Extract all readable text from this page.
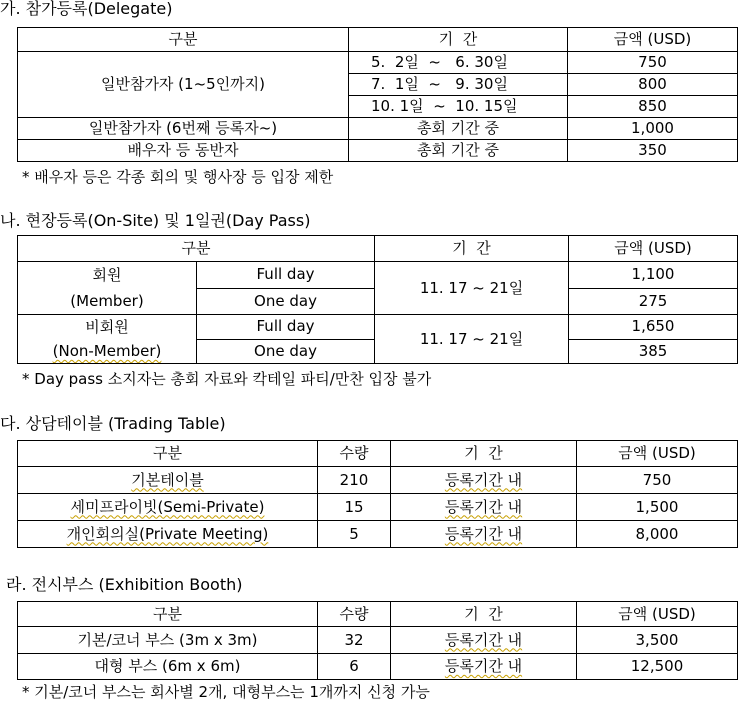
가. 참가등록(Delegate)
구분	기  간	금액 (USD)
일반참가자 (1~5인까지)	5.  2일  ~   6. 30일	750
	7.  1일  ~   9. 30일	800
	10. 1일  ~  10. 15일	850
일반참가자 (6번째 등록자~)	총회 기간 중	1,000
배우자 등 동반자	총회 기간 중	350
* 배우자 등은 각종 회의 및 행사장 등 입장 제한
나. 현장등록(On-Site) 및 1일권(Day Pass)
구분		기  간	금액 (USD)

회원
(Member)	Full day	11. 17 ~ 21일	1,100
	One day		275

비회원
(Non-Member)	Full day	11. 17 ~ 21일	1,650
	One day		385
* Day pass 소지자는 총회 자료와 칵테일 파티/만찬 입장 불가
다. 상담테이블 (Trading Table)
구분	수량	기  간	금액 (USD)
기본테이블	210	등록기간 내	750
세미프라이빗(Semi-Private)	15	등록기간 내	1,500
개인회의실(Private Meeting)	5	등록기간 내	8,000
라. 전시부스 (Exhibition Booth)
구분	수량	기  간	금액 (USD)
기본/코너 부스 (3m x 3m)	32	등록기간 내	3,500
대형 부스 (6m x 6m)	6	등록기간 내	12,500
* 기본/코너 부스는 회사별 2개, 대형부스는 1개까지 신청 가능
